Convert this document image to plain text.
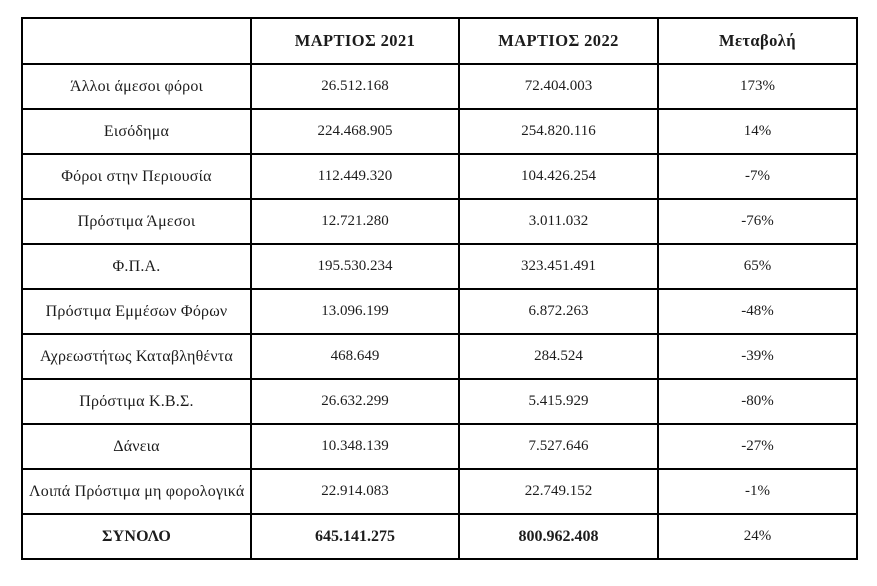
	ΜΑΡΤΙΟΣ 2021	ΜΑΡΤΙΟΣ 2022	Μεταβολή
Άλλοι άμεσοι φόροι	26.512.168	72.404.003	173%
Εισόδημα	224.468.905	254.820.116	14%
Φόροι στην Περιουσία	112.449.320	104.426.254	-7%
Πρόστιμα Άμεσοι	12.721.280	3.011.032	-76%
Φ.Π.Α.	195.530.234	323.451.491	65%
Πρόστιμα Εμμέσων Φόρων	13.096.199	6.872.263	-48%
Αχρεωστήτως Καταβληθέντα	468.649	284.524	-39%
Πρόστιμα Κ.Β.Σ.	26.632.299	5.415.929	-80%
Δάνεια	10.348.139	7.527.646	-27%
Λοιπά Πρόστιμα μη φορολογικά	22.914.083	22.749.152	-1%
ΣΥΝΟΛΟ	645.141.275	800.962.408	24%
